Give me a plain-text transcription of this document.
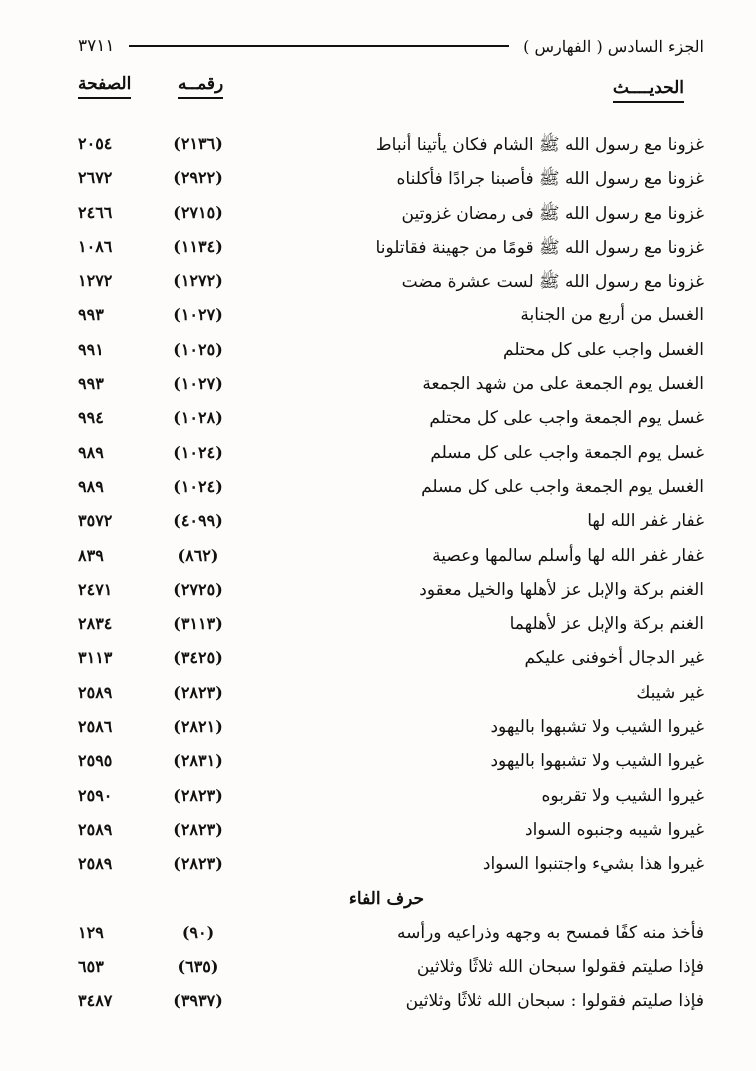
الجزء السادس ( الفهارس )
٣٧١١
الحديــــث
رقمــه
الصفحة
غزونا مع رسول الله ﷺ الشام فكان يأتينا أنباط
(٢١٣٦)
٢٠٥٤
غزونا مع رسول الله ﷺ فأصبنا جرادًا فأكلناه
(٢٩٢٢)
٢٦٧٢
غزونا مع رسول الله ﷺ فى رمضان غزوتين
(٢٧١٥)
٢٤٦٦
غزونا مع رسول الله ﷺ قومًا من جهينة فقاتلونا
(١١٣٤)
١٠٨٦
غزونا مع رسول الله ﷺ لست عشرة مضت
(١٢٧٢)
١٢٧٢
الغسل من أربع من الجنابة
(١٠٢٧)
٩٩٣
الغسل واجب على كل محتلم
(١٠٢٥)
٩٩١
الغسل يوم الجمعة على من شهد الجمعة
(١٠٢٧)
٩٩٣
غسل يوم الجمعة واجب على كل محتلم
(١٠٢٨)
٩٩٤
غسل يوم الجمعة واجب على كل مسلم
(١٠٢٤)
٩٨٩
الغسل يوم الجمعة واجب على كل مسلم
(١٠٢٤)
٩٨٩
غفار غفر الله لها
(٤٠٩٩)
٣٥٧٢
غفار غفر الله لها وأسلم سالمها وعصية
(٨٦٢)
٨٣٩
الغنم بركة والإبل عز لأهلها والخيل معقود
(٢٧٢٥)
٢٤٧١
الغنم بركة والإبل عز لأهلهما
(٣١١٣)
٢٨٣٤
غير الدجال أخوفنى عليكم
(٣٤٢٥)
٣١١٣
غير شيبك
(٢٨٢٣)
٢٥٨٩
غيروا الشيب ولا تشبهوا باليهود
(٢٨٢١)
٢٥٨٦
غيروا الشيب ولا تشبهوا باليهود
(٢٨٣١)
٢٥٩٥
غيروا الشيب ولا تقربوه
(٢٨٢٣)
٢٥٩٠
غيروا شيبه وجنبوه السواد
(٢٨٢٣)
٢٥٨٩
غيروا هذا بشيء واجتنبوا السواد
(٢٨٢٣)
٢٥٨٩
حرف الفاء
فأخذ منه كفًا فمسح به وجهه وذراعيه ورأسه
(٩٠)
١٢٩
فإذا صليتم فقولوا سبحان الله ثلاثًا وثلاثين
(٦٣٥)
٦٥٣
فإذا صليتم فقولوا : سبحان الله ثلاثًا وثلاثين
(٣٩٣٧)
٣٤٨٧
